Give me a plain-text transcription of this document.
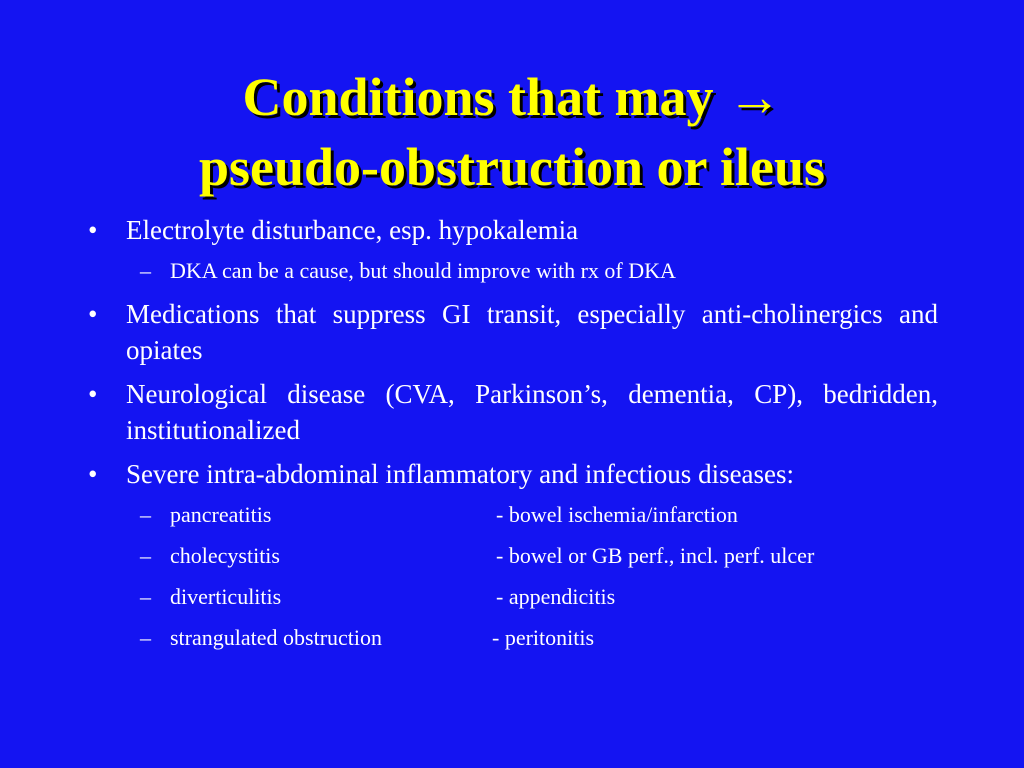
Conditions that may →
pseudo-obstruction or ileus
• Electrolyte disturbance, esp. hypokalemia
– DKA can be a cause, but should improve with rx of DKA
• Medications that suppress GI transit, especially anti-cholinergics and opiates
• Neurological disease (CVA, Parkinson’s, dementia, CP), bedridden, institutionalized
• Severe intra-abdominal inflammatory and infectious diseases:
– pancreatitis	- bowel ischemia/infarction
– cholecystitis	- bowel or GB perf., incl. perf. ulcer
– diverticulitis	- appendicitis
– strangulated obstruction	- peritonitis
